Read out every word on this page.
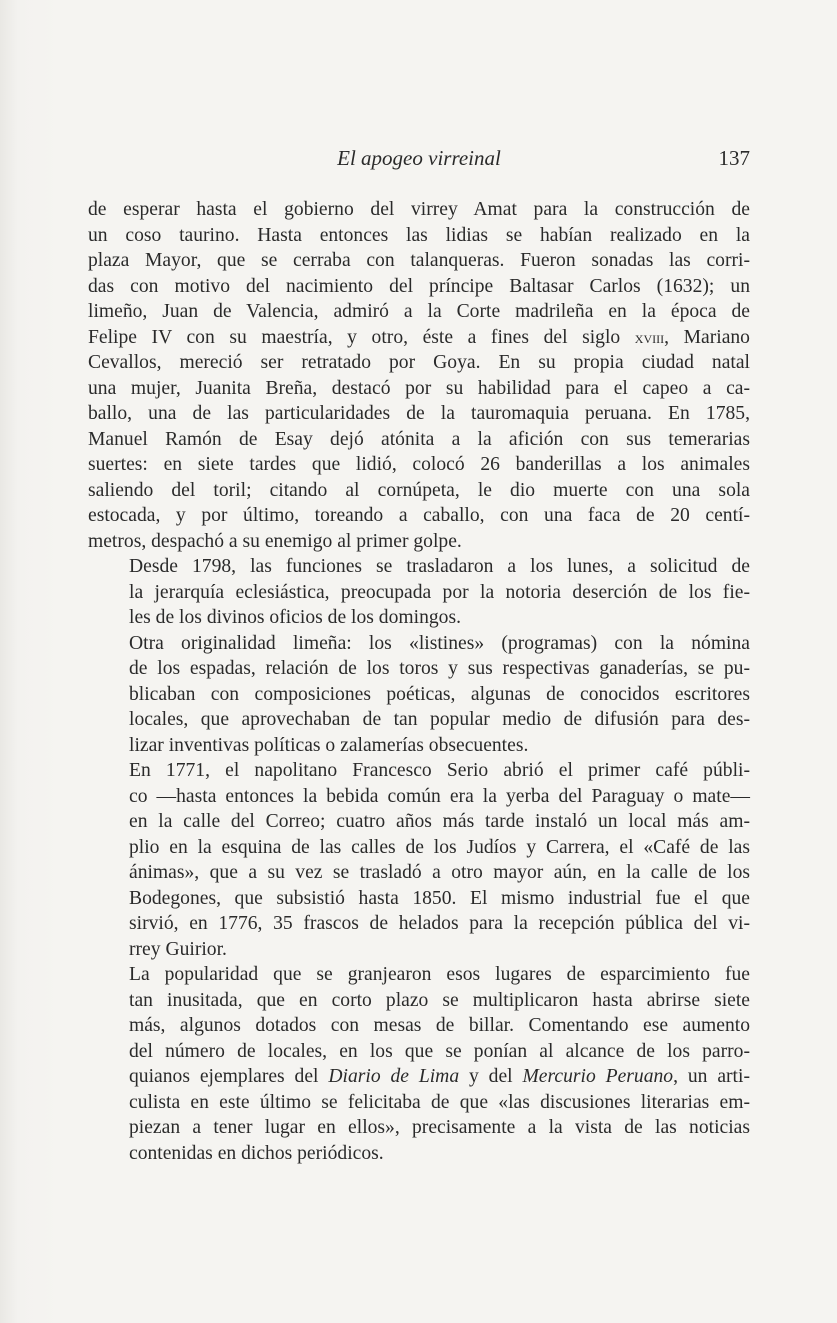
El apogeo virreinal	137

de esperar hasta el gobierno del virrey Amat para la construcción de
un coso taurino. Hasta entonces las lidias se habían realizado en la
plaza Mayor, que se cerraba con talanqueras. Fueron sonadas las corri-
das con motivo del nacimiento del príncipe Baltasar Carlos (1632); un
limeño, Juan de Valencia, admiró a la Corte madrileña en la época de
Felipe IV con su maestría, y otro, éste a fines del siglo xviii, Mariano
Cevallos, mereció ser retratado por Goya. En su propia ciudad natal
una mujer, Juanita Breña, destacó por su habilidad para el capeo a ca-
ballo, una de las particularidades de la tauromaquia peruana. En 1785,
Manuel Ramón de Esay dejó atónita a la afición con sus temerarias
suertes: en siete tardes que lidió, colocó 26 banderillas a los animales
saliendo del toril; citando al cornúpeta, le dio muerte con una sola
estocada, y por último, toreando a caballo, con una faca de 20 centí-
metros, despachó a su enemigo al primer golpe.

Desde 1798, las funciones se trasladaron a los lunes, a solicitud de
la jerarquía eclesiástica, preocupada por la notoria deserción de los fie-
les de los divinos oficios de los domingos.

Otra originalidad limeña: los «listines» (programas) con la nómina
de los espadas, relación de los toros y sus respectivas ganaderías, se pu-
blicaban con composiciones poéticas, algunas de conocidos escritores
locales, que aprovechaban de tan popular medio de difusión para des-
lizar inventivas políticas o zalamerías obsecuentes.

En 1771, el napolitano Francesco Serio abrió el primer café públi-
co —hasta entonces la bebida común era la yerba del Paraguay o mate—
en la calle del Correo; cuatro años más tarde instaló un local más am-
plio en la esquina de las calles de los Judíos y Carrera, el «Café de las
ánimas», que a su vez se trasladó a otro mayor aún, en la calle de los
Bodegones, que subsistió hasta 1850. El mismo industrial fue el que
sirvió, en 1776, 35 frascos de helados para la recepción pública del vi-
rrey Guirior.

La popularidad que se granjearon esos lugares de esparcimiento fue
tan inusitada, que en corto plazo se multiplicaron hasta abrirse siete
más, algunos dotados con mesas de billar. Comentando ese aumento
del número de locales, en los que se ponían al alcance de los parro-
quianos ejemplares del Diario de Lima y del Mercurio Peruano, un arti-
culista en este último se felicitaba de que «las discusiones literarias em-
piezan a tener lugar en ellos», precisamente a la vista de las noticias
contenidas en dichos periódicos.
